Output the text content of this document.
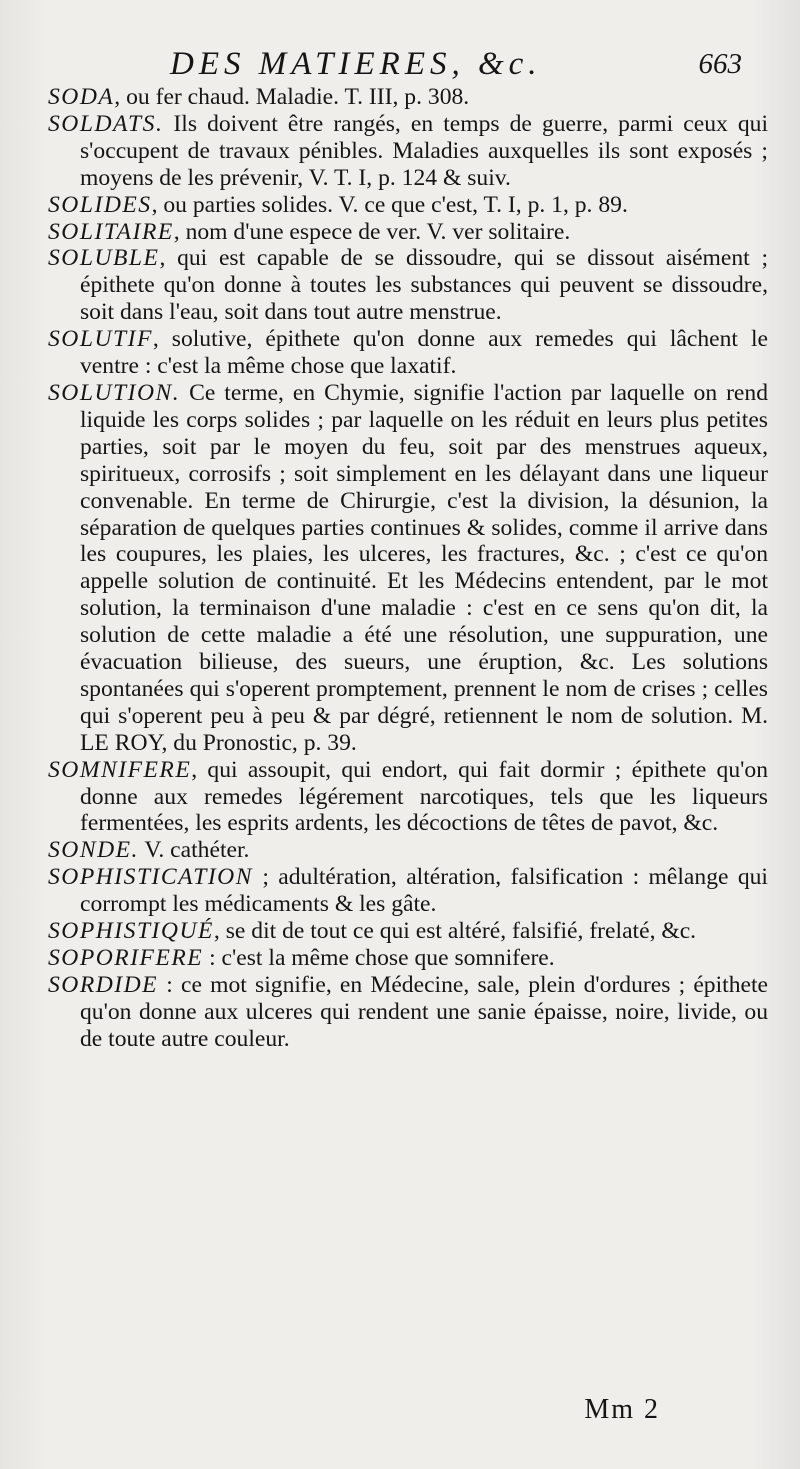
DES MATIERES, &c.	663

SODA, ou fer chaud. Maladie. T. III, p. 308.

SOLDATS. Ils doivent être rangés, en temps de guerre, parmi ceux qui s'occupent de travaux pénibles. Maladies auxquelles ils sont exposés ; moyens de les prévenir, V. T. I, p. 124 & suiv.

SOLIDES, ou parties solides. V. ce que c'est, T. I, p. 1, p. 89.

SOLITAIRE, nom d'une espece de ver. V. ver solitaire.

SOLUBLE, qui est capable de se dissoudre, qui se dissout aisément ; épithete qu'on donne à toutes les substances qui peuvent se dissoudre, soit dans l'eau, soit dans tout autre menstrue.

SOLUTIF, solutive, épithete qu'on donne aux remedes qui lâchent le ventre : c'est la même chose que laxatif.

SOLUTION. Ce terme, en Chymie, signifie l'action par laquelle on rend liquide les corps solides ; par laquelle on les réduit en leurs plus petites parties, soit par le moyen du feu, soit par des menstrues aqueux, spiritueux, corrosifs ; soit simplement en les délayant dans une liqueur convenable. En terme de Chirurgie, c'est la division, la désunion, la séparation de quelques parties continues & solides, comme il arrive dans les coupures, les plaies, les ulceres, les fractures, &c. ; c'est ce qu'on appelle solution de continuité. Et les Médecins entendent, par le mot solution, la terminaison d'une maladie : c'est en ce sens qu'on dit, la solution de cette maladie a été une résolution, une suppuration, une évacuation bilieuse, des sueurs, une éruption, &c. Les solutions spontanées qui s'operent promptement, prennent le nom de crises ; celles qui s'operent peu à peu & par dégré, retiennent le nom de solution. M. LE ROY, du Pronostic, p. 39.

SOMNIFERE, qui assoupit, qui endort, qui fait dormir ; épithete qu'on donne aux remedes légérement narcotiques, tels que les liqueurs fermentées, les esprits ardents, les décoctions de têtes de pavot, &c.

SONDE. V. cathéter.

SOPHISTICATION ; adultération, altération, falsification : mêlange qui corrompt les médicaments & les gâte.

SOPHISTIQUÉ, se dit de tout ce qui est altéré, falsifié, frelaté, &c.

SOPORIFERE : c'est la même chose que somnifere.

SORDIDE : ce mot signifie, en Médecine, sale, plein d'ordures ; épithete qu'on donne aux ulceres qui rendent une sanie épaisse, noire, livide, ou de toute autre couleur.

Mm 2
